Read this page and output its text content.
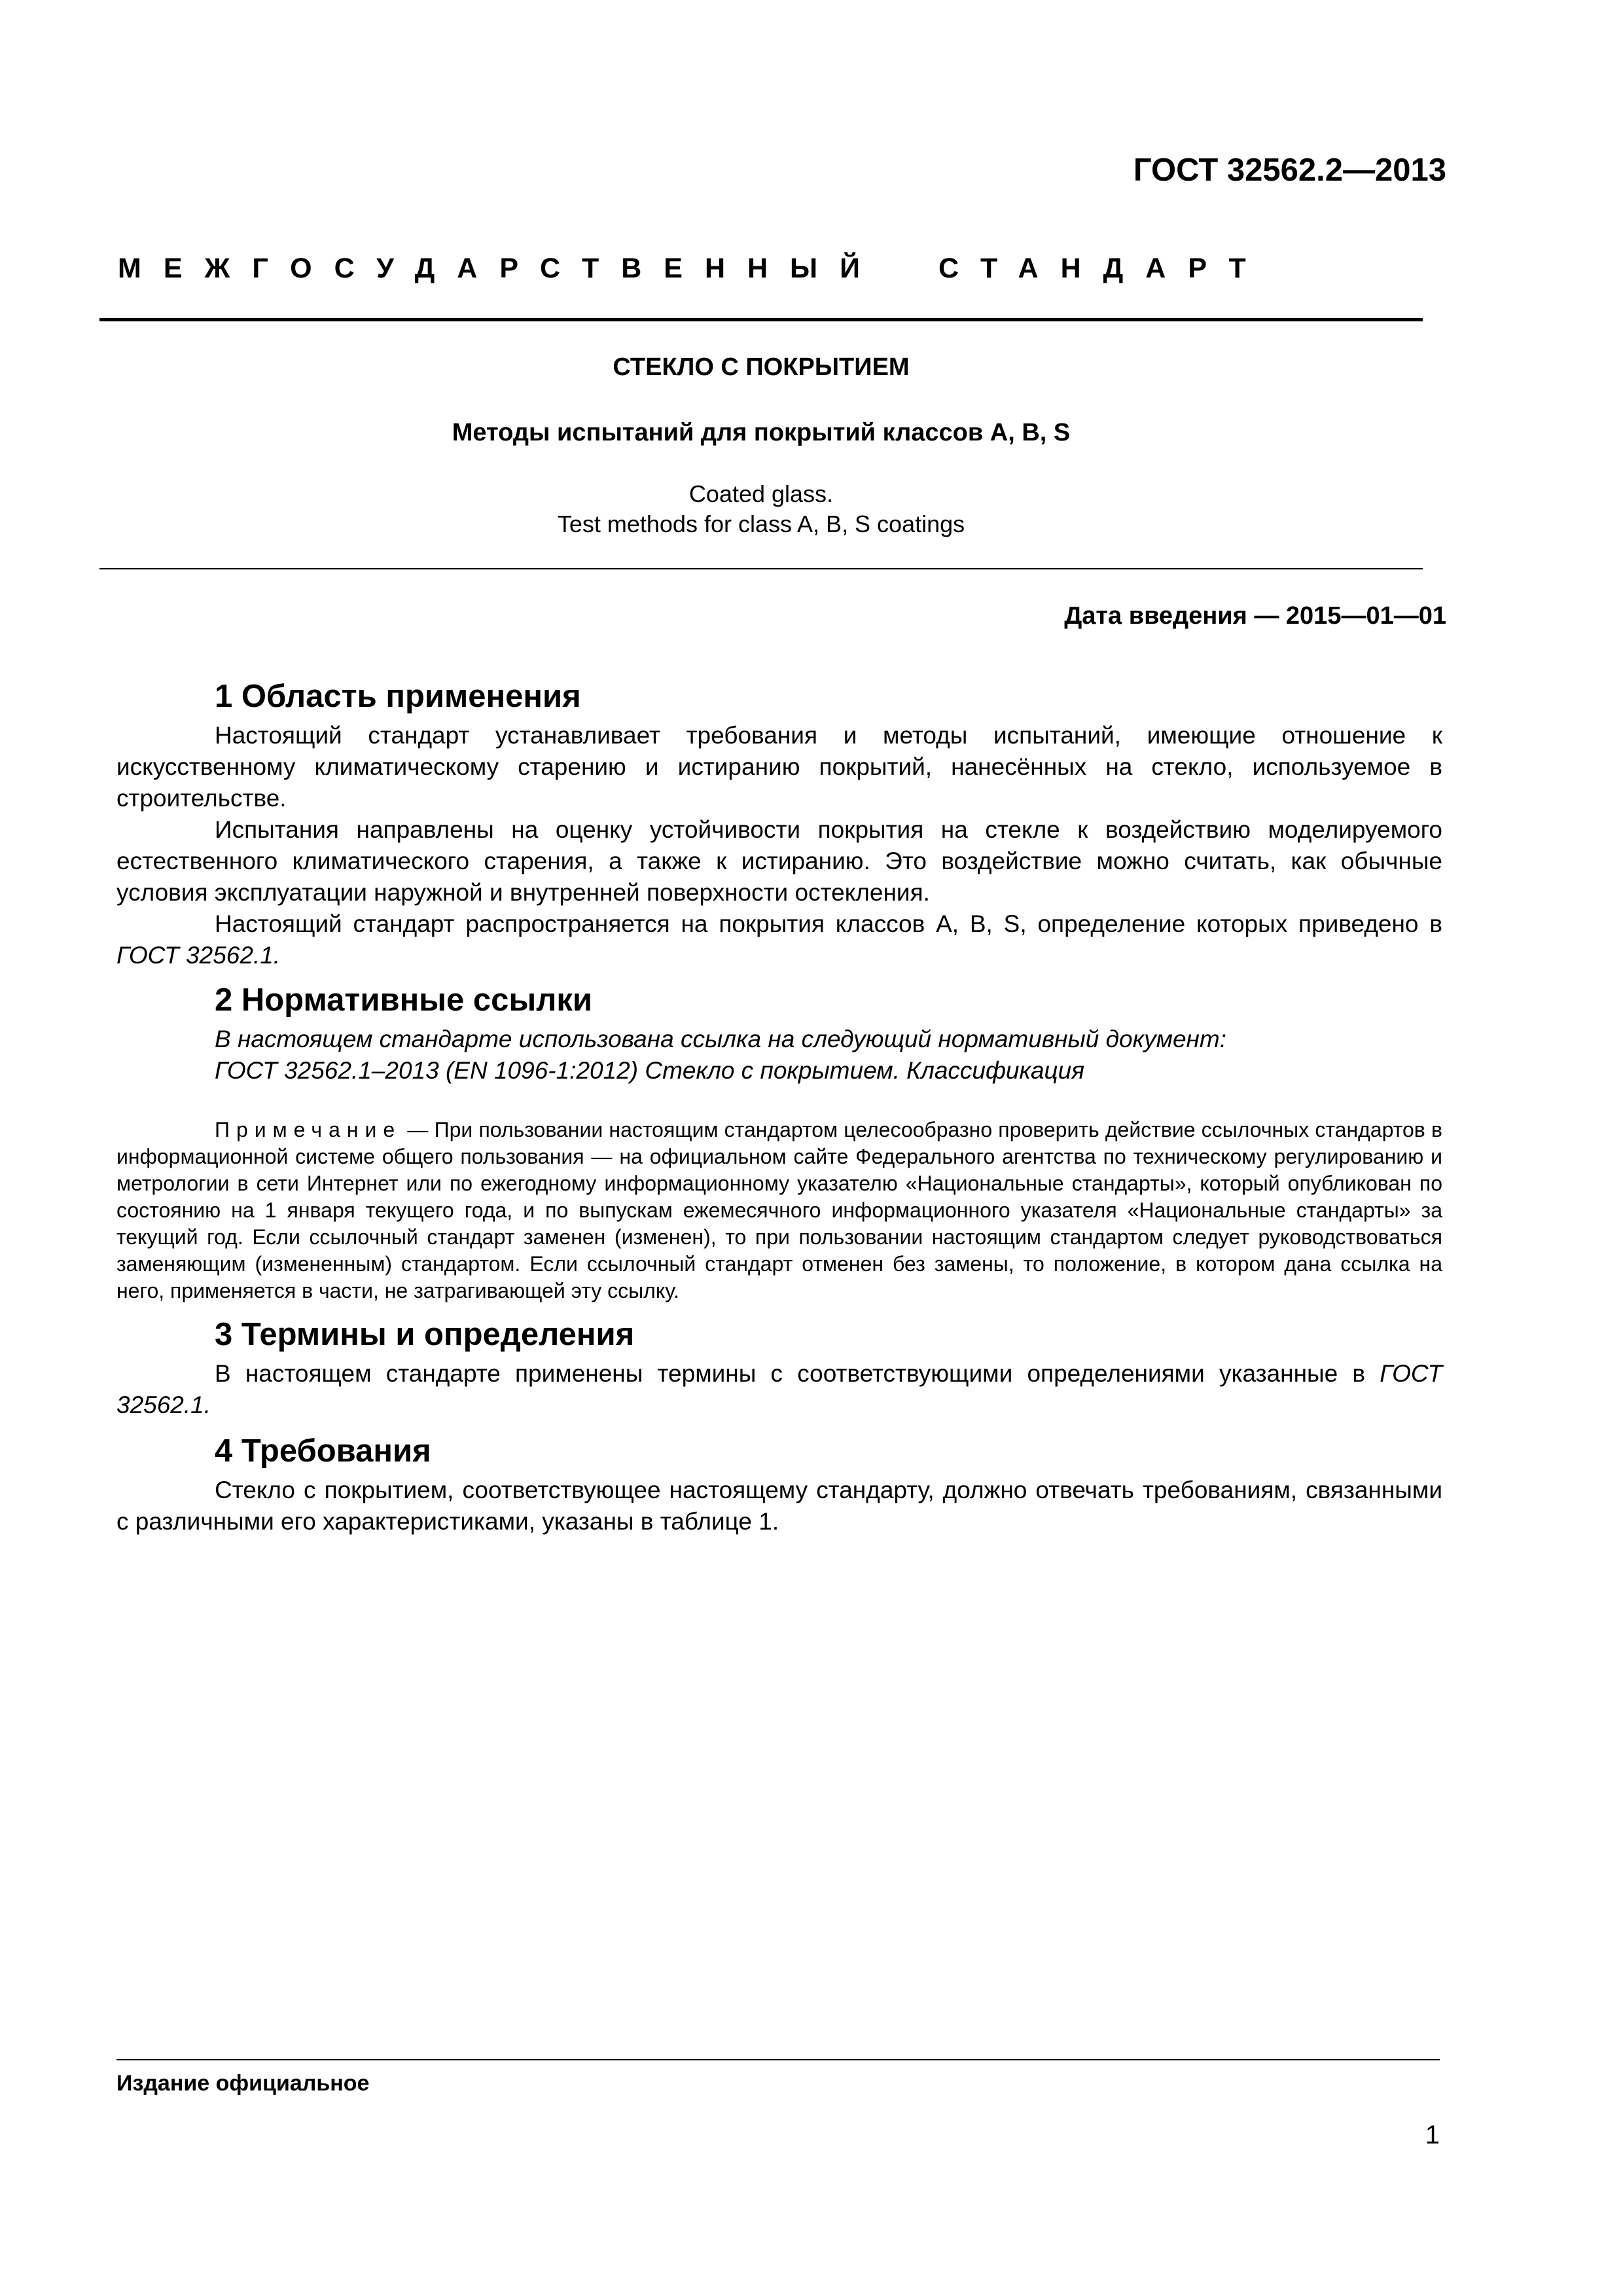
ГОСТ 32562.2—2013
МЕЖГОСУДАРСТВЕННЫЙ СТАНДАРТ
СТЕКЛО С ПОКРЫТИЕМ
Методы испытаний для покрытий классов А, В, S
Coated glass.
Test methods for class A, B, S coatings
Дата введения — 2015—01—01
1 Область применения

Настоящий стандарт устанавливает требования и методы испытаний, имеющие отношение к искусственному климатическому старению и истиранию покрытий, нанесённых на стекло, используемое в строительстве.

Испытания направлены на оценку устойчивости покрытия на стекле к воздействию моделируемого естественного климатического старения, а также к истиранию. Это воздействие можно считать, как обычные условия эксплуатации наружной и внутренней поверхности остекления.

Настоящий стандарт распространяется на покрытия классов А, В, S, определение которых приведено в ГОСТ 32562.1.

2 Нормативные ссылки

В настоящем стандарте использована ссылка на следующий нормативный документ:

ГОСТ 32562.1–2013 (EN 1096-1:2012) Стекло с покрытием. Классификация

Примечание — При пользовании настоящим стандартом целесообразно проверить действие ссылочных стандартов в информационной системе общего пользования — на официальном сайте Федерального агентства по техническому регулированию и метрологии в сети Интернет или по ежегодному информационному указателю «Национальные стандарты», который опубликован по состоянию на 1 января текущего года, и по выпускам ежемесячного информационного указателя «Национальные стандарты» за текущий год. Если ссылочный стандарт заменен (изменен), то при пользовании настоящим стандартом следует руководствоваться заменяющим (измененным) стандартом. Если ссылочный стандарт отменен без замены, то положение, в котором дана ссылка на него, применяется в части, не затрагивающей эту ссылку.

3 Термины и определения

В настоящем стандарте применены термины с соответствующими определениями указанные в ГОСТ 32562.1.

4 Требования

Стекло с покрытием, соответствующее настоящему стандарту, должно отвечать требованиям, связанными с различными его характеристиками, указаны в таблице 1.

Издание официальное
1
